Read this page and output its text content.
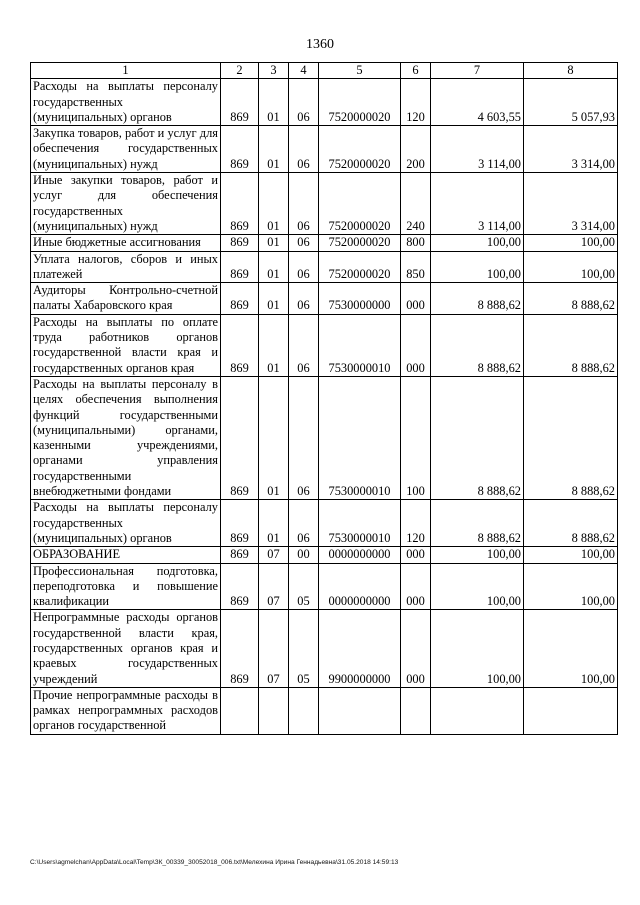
1360
1	2	3	4	5	6	7	8
Расходы на выплаты персоналу государственных (муниципальных) органов	869	01	06	7520000020	120	4 603,55	5 057,93
Закупка товаров, работ и услуг для обеспечения государственных (муниципальных) нужд	869	01	06	7520000020	200	3 114,00	3 314,00
Иные закупки товаров, работ и услуг для обеспечения государственных (муниципальных) нужд	869	01	06	7520000020	240	3 114,00	3 314,00
Иные бюджетные ассигнования	869	01	06	7520000020	800	100,00	100,00
Уплата налогов, сборов и иных платежей	869	01	06	7520000020	850	100,00	100,00
Аудиторы Контрольно-счетной палаты Хабаровского края	869	01	06	7530000000	000	8 888,62	8 888,62
Расходы на выплаты по оплате труда работников органов государственной власти края и государственных органов края	869	01	06	7530000010	000	8 888,62	8 888,62
Расходы на выплаты персоналу в целях обеспечения выполнения функций государственными (муниципальными) органами, казенными учреждениями, органами управления государственными внебюджетными фондами	869	01	06	7530000010	100	8 888,62	8 888,62
Расходы на выплаты персоналу государственных (муниципальных) органов	869	01	06	7530000010	120	8 888,62	8 888,62
ОБРАЗОВАНИЕ	869	07	00	0000000000	000	100,00	100,00
Профессиональная подготовка, переподготовка и повышение квалификации	869	07	05	0000000000	000	100,00	100,00
Непрограммные расходы органов государственной власти края, государственных органов края и краевых государственных учреждений	869	07	05	9900000000	000	100,00	100,00
Прочие непрограммные расходы в рамках непрограммных расходов органов государственной							
C:\Users\agmelchan\AppData\Local\Temp\ЗК_00339_30052018_006.txt\Мелехина Ирина Геннадьевна\31.05.2018 14:59:13
